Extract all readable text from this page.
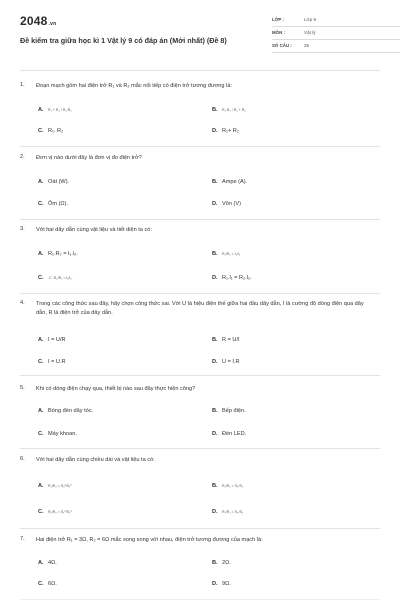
2048.vn
Đề kiểm tra giữa học kì 1 Vật lý 9 có đáp án (Mới nhất) (Đề 8)
LỚP :	Lớp 9
MÔN :	Vật lý
SỐ CÂU :	25
1. Đoạn mạch gồm hai điện trở R₁ và R₂ mắc nối tiếp có điện trở tương đương là:
A. R₁ + R₂ / R₁.R₂	B. R₁.R₂ / R₁ + R₂
C. R₁. R₂	D. R₁+ R₂
2. Đơn vị nào dưới đây là đơn vị đo điện trở?
A. Oát (W).	B. Ampe (A).
C. Ôm (Ω).	D. Vôn (V)
3. Với hai dây dẫn cùng vật liệu và tiết diện ta có:
A. R₁.R₂ = l₁.l₂.	B. R₁/R₂ = l₁/l₂
C. .C. R₂/R₁ = l₁/l₂.	D. R₁.l₁ = R₂.l₂.
4. Trong các công thức sau đây, hãy chọn công thức sai. Với U là hiệu điện thế giữa hai đầu dây dẫn, I là cường độ dòng điện qua dây dẫn, R là điện trở của dây dẫn.
A. I = U/R	B. R = U/I
C. I = U.R	D. U = I.R
5. Khi có dòng điện chạy qua, thiết bị nào sau đây thực hiện công?
A. Bóng đèn dây tóc.	B. Bếp điện.
C. Máy khoan.	D. Đèn LED.
6. Với hai dây dẫn cùng chiều dài và vật liệu ta có:
A. R₁/R₂ = S₂²/S₁²	B. R₁/R₂ = S₁/S₂
C. R₁/R₂ = S₁²/S₂²	D. R₁/R₂ = S₂/S₁
7. Hai điện trở R₁ = 3Ω, R₂ = 6Ω mắc song song với nhau, điện trở tương đương của mạch là:
A. 4Ω.	B. 2Ω.
C. 6Ω.	D. 9Ω.
